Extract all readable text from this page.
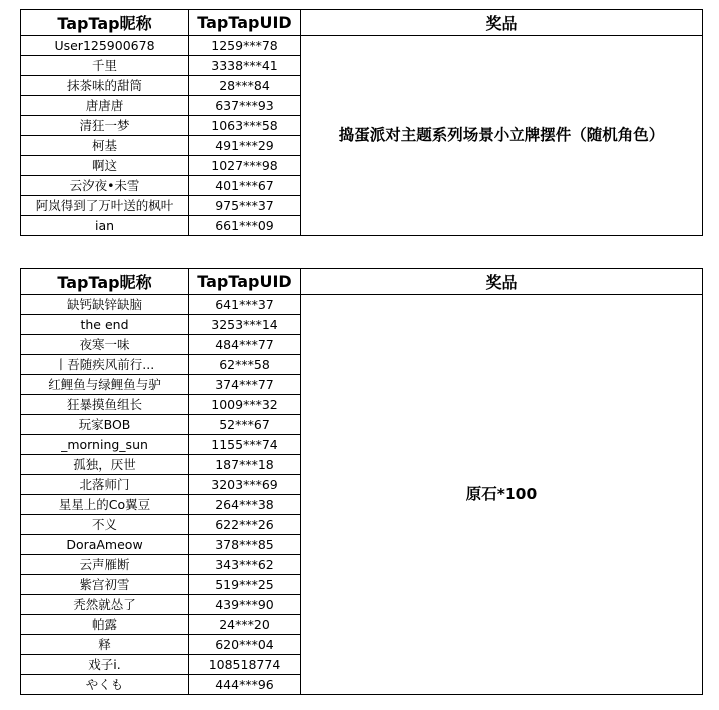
TapTap昵称	TapTapUID	奖品
User125900678	1259***78	捣蛋派对主题系列场景小立牌摆件（随机角色）
千里	3338***41	
抹茶味的甜筒	28***84	
唐唐唐	637***93	
清狂一梦	1063***58	
柯基	491***29	
啊这	1027***98	
云汐夜•未雪	401***67	
阿岚得到了万叶送的枫叶	975***37	
ian	661***09	
TapTap昵称	TapTapUID	奖品
缺钙缺锌缺脑	641***37	原石*100
the end	3253***14	
夜寒一味	484***77	
丨吾随疾风前行...	62***58	
红鲤鱼与绿鲤鱼与驴	374***77	
狂暴摸鱼组长	1009***32	
玩家BOB	52***67	
_morning_sun	1155***74	
孤独，厌世	187***18	
北落师门	3203***69	
星星上的Co翼豆	264***38	
不义	622***26	
DoraAmeow	378***85	
云声雁断	343***62	
紫宫初雪	519***25	
秃然就怂了	439***90	
帕露	24***20	
释	620***04	
戏子i.	108518774	
やくも	444***96	
